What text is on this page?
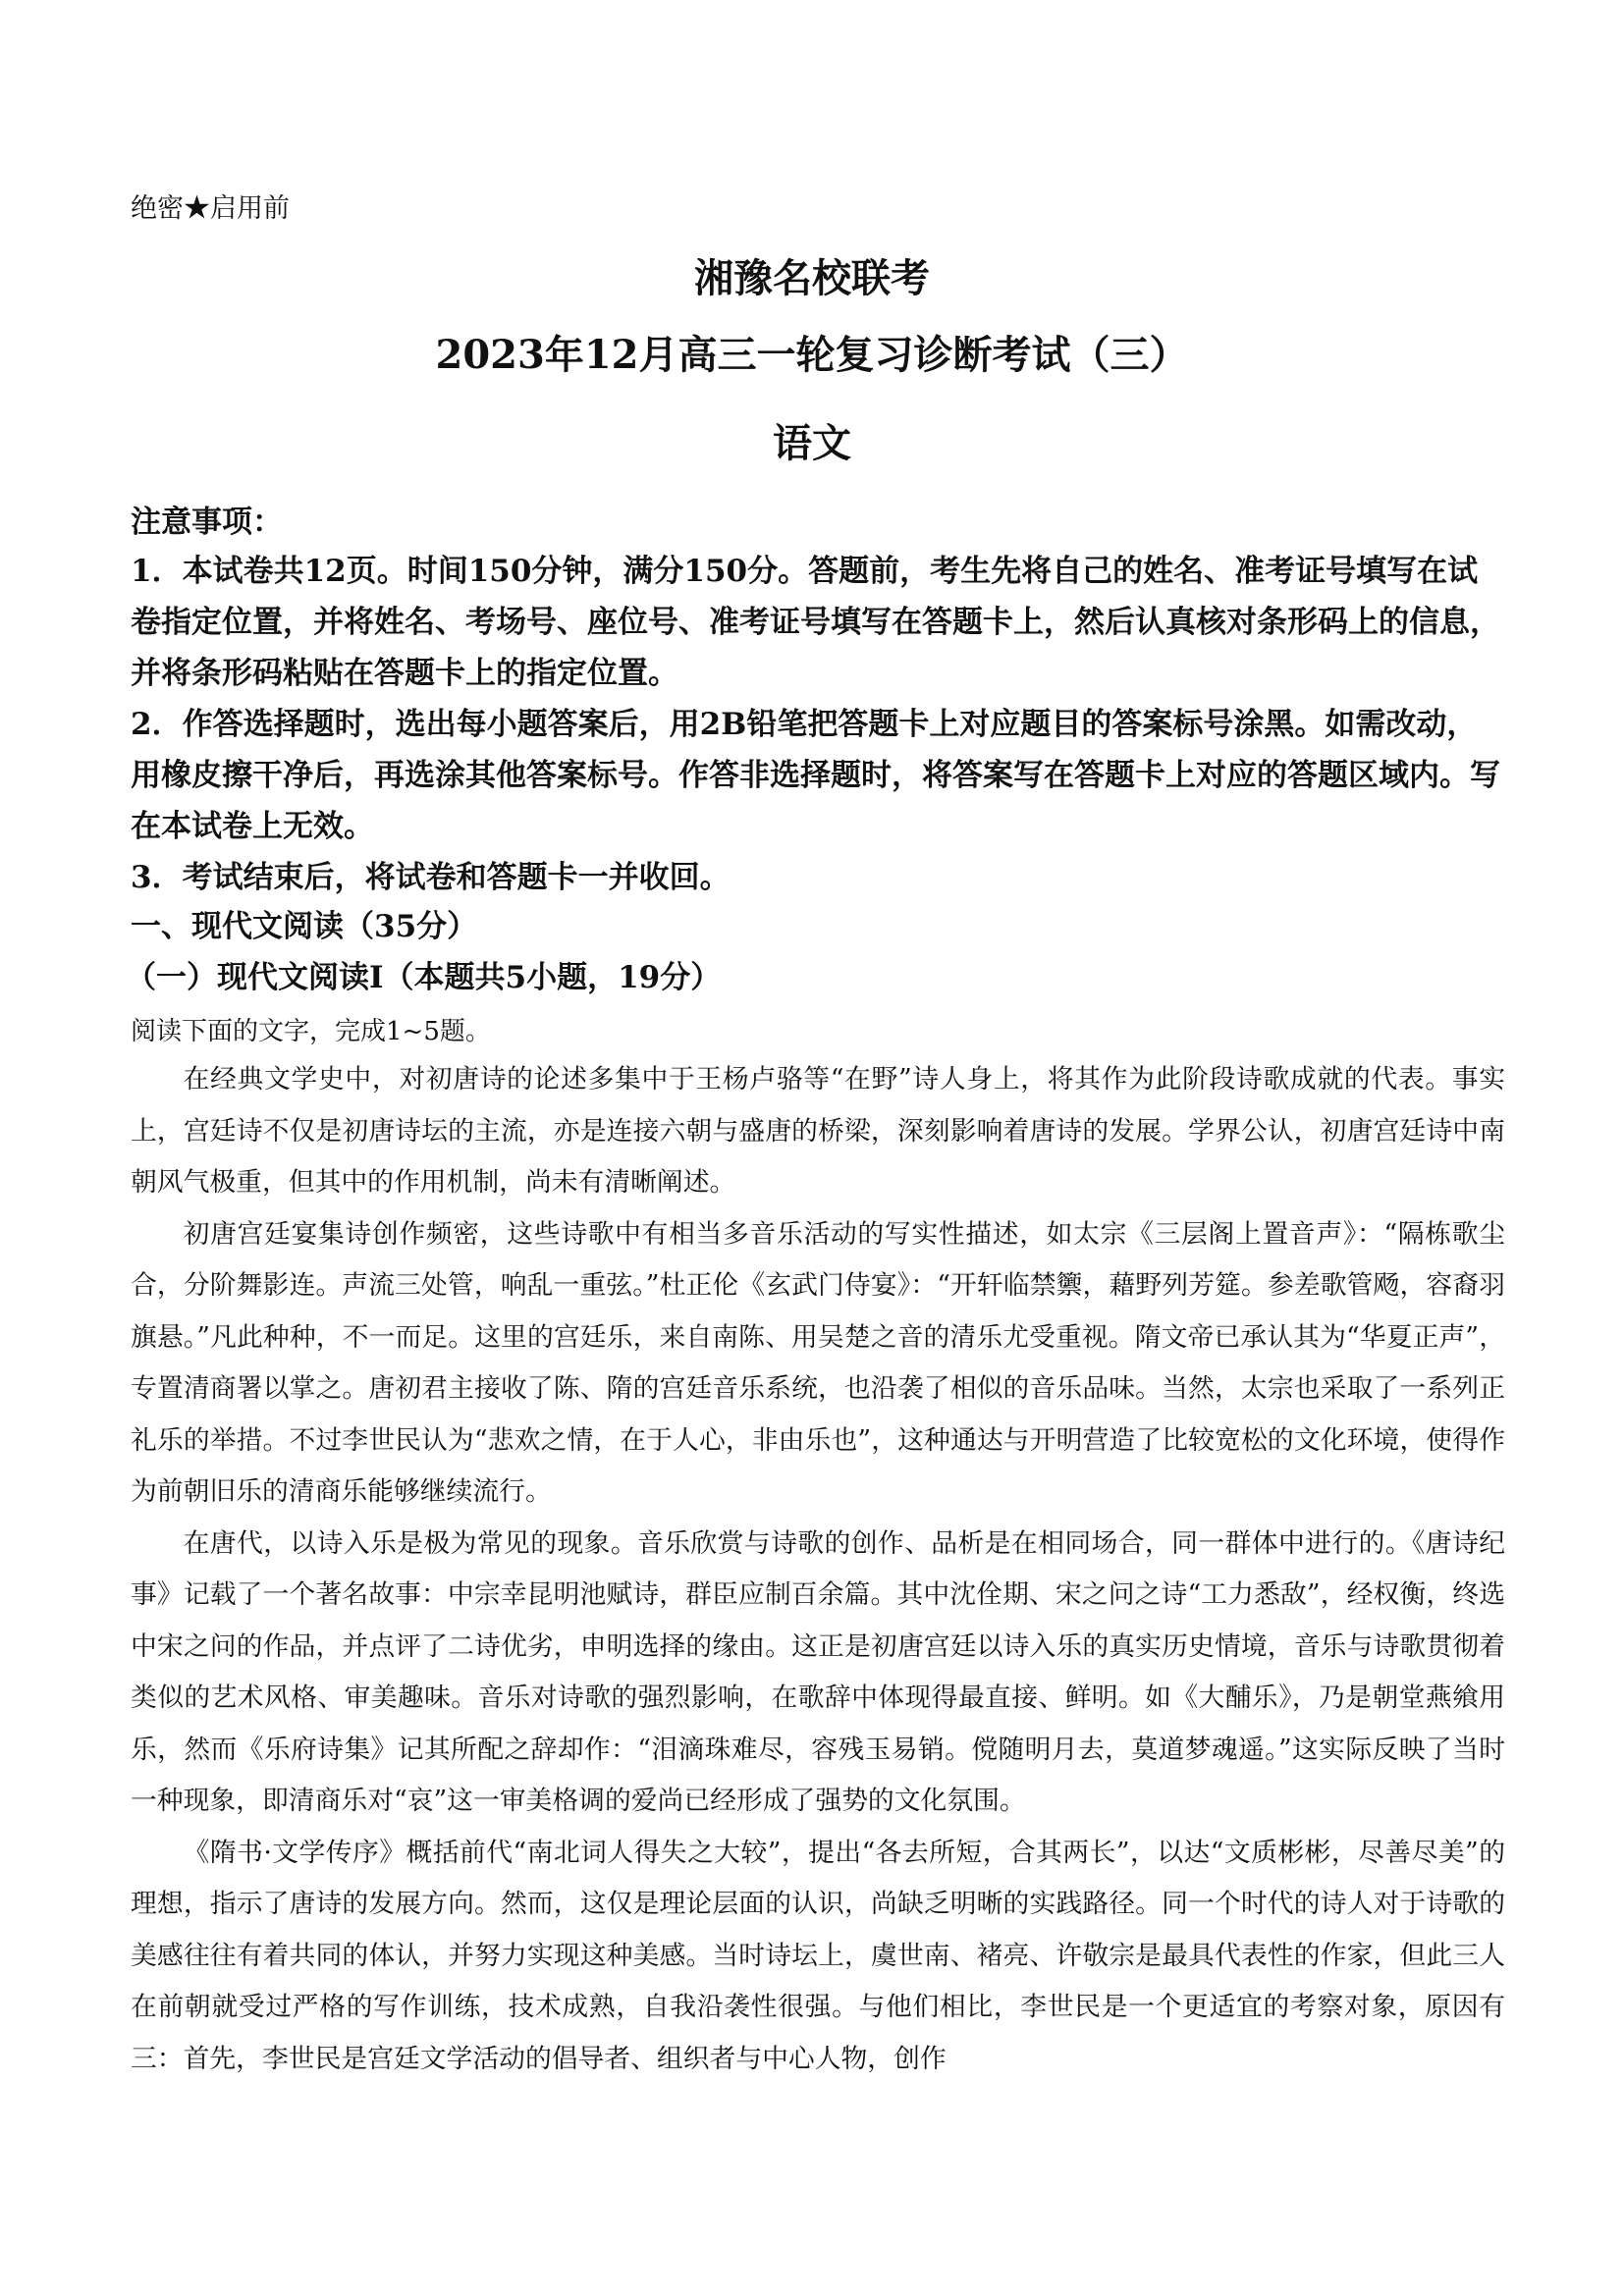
绝密★启用前
湘豫名校联考
2023年12月高三一轮复习诊断考试（三）
语文
注意事项：

1．本试卷共12页。时间150分钟，满分150分。答题前，考生先将自己的姓名、准考证号填写在试卷指定位置，并将姓名、考场号、座位号、准考证号填写在答题卡上，然后认真核对条形码上的信息，并将条形码粘贴在答题卡上的指定位置。

2．作答选择题时，选出每小题答案后，用2B铅笔把答题卡上对应题目的答案标号涂黑。如需改动，用橡皮擦干净后，再选涂其他答案标号。作答非选择题时，将答案写在答题卡上对应的答题区域内。写在本试卷上无效。

3．考试结束后，将试卷和答题卡一并收回。

一、现代文阅读（35分）
（一）现代文阅读Ⅰ（本题共5小题，19分）
阅读下面的文字，完成1~5题。

在经典文学史中，对初唐诗的论述多集中于王杨卢骆等“在野”诗人身上，将其作为此阶段诗歌成就的代表。事实上，宫廷诗不仅是初唐诗坛的主流，亦是连接六朝与盛唐的桥梁，深刻影响着唐诗的发展。学界公认，初唐宫廷诗中南朝风气极重，但其中的作用机制，尚未有清晰阐述。

初唐宫廷宴集诗创作频密，这些诗歌中有相当多音乐活动的写实性描述，如太宗《三层阁上置音声》：“隔栋歌尘合，分阶舞影连。声流三处管，响乱一重弦。”杜正伦《玄武门侍宴》：“开轩临禁籞，藉野列芳筵。参差歌管飏，容裔羽旗悬。”凡此种种，不一而足。这里的宫廷乐，来自南陈、用吴楚之音的清乐尤受重视。隋文帝已承认其为“华夏正声”，专置清商署以掌之。唐初君主接收了陈、隋的宫廷音乐系统，也沿袭了相似的音乐品味。当然，太宗也采取了一系列正礼乐的举措。不过李世民认为“悲欢之情，在于人心，非由乐也”，这种通达与开明营造了比较宽松的文化环境，使得作为前朝旧乐的清商乐能够继续流行。

在唐代，以诗入乐是极为常见的现象。音乐欣赏与诗歌的创作、品析是在相同场合，同一群体中进行的。《唐诗纪事》记载了一个著名故事：中宗幸昆明池赋诗，群臣应制百余篇。其中沈佺期、宋之问之诗“工力悉敌”，经权衡，终选中宋之问的作品，并点评了二诗优劣，申明选择的缘由。这正是初唐宫廷以诗入乐的真实历史情境，音乐与诗歌贯彻着类似的艺术风格、审美趣味。音乐对诗歌的强烈影响，在歌辞中体现得最直接、鲜明。如《大酺乐》，乃是朝堂燕飨用乐，然而《乐府诗集》记其所配之辞却作：“泪滴珠难尽，容残玉易销。傥随明月去，莫道梦魂遥。”这实际反映了当时一种现象，即清商乐对“哀”这一审美格调的爱尚已经形成了强势的文化氛围。

《隋书·文学传序》概括前代“南北词人得失之大较”，提出“各去所短，合其两长”，以达“文质彬彬，尽善尽美”的理想，指示了唐诗的发展方向。然而，这仅是理论层面的认识，尚缺乏明晰的实践路径。同一个时代的诗人对于诗歌的美感往往有着共同的体认，并努力实现这种美感。当时诗坛上，虞世南、褚亮、许敬宗是最具代表性的作家，但此三人在前朝就受过严格的写作训练，技术成熟，自我沿袭性很强。与他们相比，李世民是一个更适宜的考察对象，原因有三：首先，李世民是宫廷文学活动的倡导者、组织者与中心人物，创作
